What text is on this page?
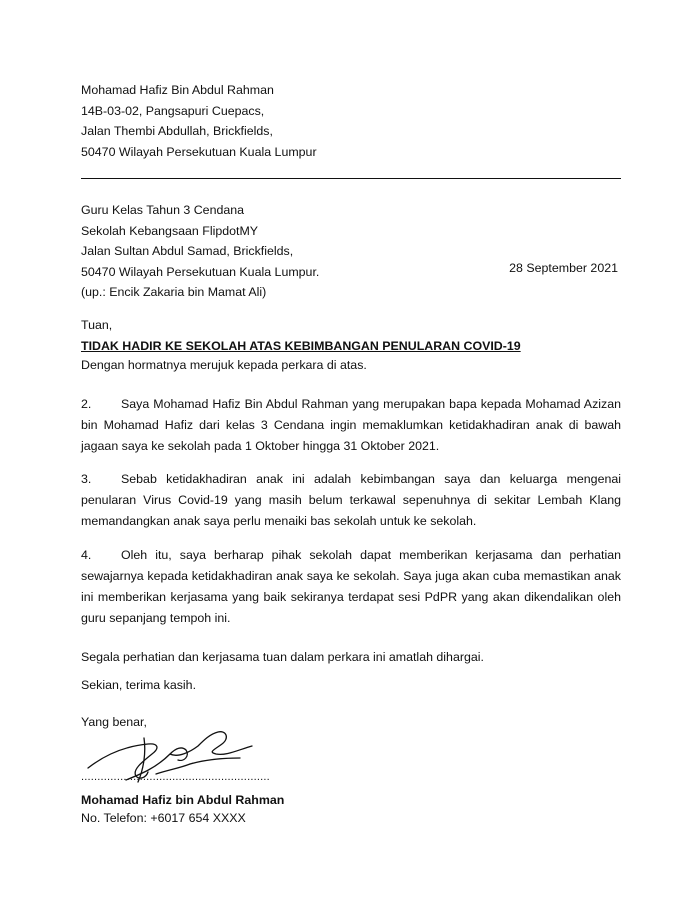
Mohamad Hafiz Bin Abdul Rahman
14B-03-02, Pangsapuri Cuepacs,
Jalan Thembi Abdullah, Brickfields,
50470 Wilayah Persekutuan Kuala Lumpur
Guru Kelas Tahun 3 Cendana
Sekolah Kebangsaan FlipdotMY
Jalan Sultan Abdul Samad, Brickfields,
50470 Wilayah Persekutuan Kuala Lumpur.
(up.: Encik Zakaria bin Mamat Ali)
28 September 2021
Tuan,
TIDAK HADIR KE SEKOLAH ATAS KEBIMBANGAN PENULARAN COVID-19
Dengan hormatnya merujuk kepada perkara di atas.
2. Saya Mohamad Hafiz Bin Abdul Rahman yang merupakan bapa kepada Mohamad Azizan bin Mohamad Hafiz dari kelas 3 Cendana ingin memaklumkan ketidakhadiran anak di bawah jagaan saya ke sekolah pada 1 Oktober hingga 31 Oktober 2021.
3. Sebab ketidakhadiran anak ini adalah kebimbangan saya dan keluarga mengenai penularan Virus Covid-19 yang masih belum terkawal sepenuhnya di sekitar Lembah Klang memandangkan anak saya perlu menaiki bas sekolah untuk ke sekolah.
4. Oleh itu, saya berharap pihak sekolah dapat memberikan kerjasama dan perhatian sewajarnya kepada ketidakhadiran anak saya ke sekolah. Saya juga akan cuba memastikan anak ini memberikan kerjasama yang baik sekiranya terdapat sesi PdPR yang akan dikendalikan oleh guru sepanjang tempoh ini.
Segala perhatian dan kerjasama tuan dalam perkara ini amatlah dihargai.
Sekian, terima kasih.
Yang benar,
..........................................................
Mohamad Hafiz bin Abdul Rahman
No. Telefon: +6017 654 XXXX
